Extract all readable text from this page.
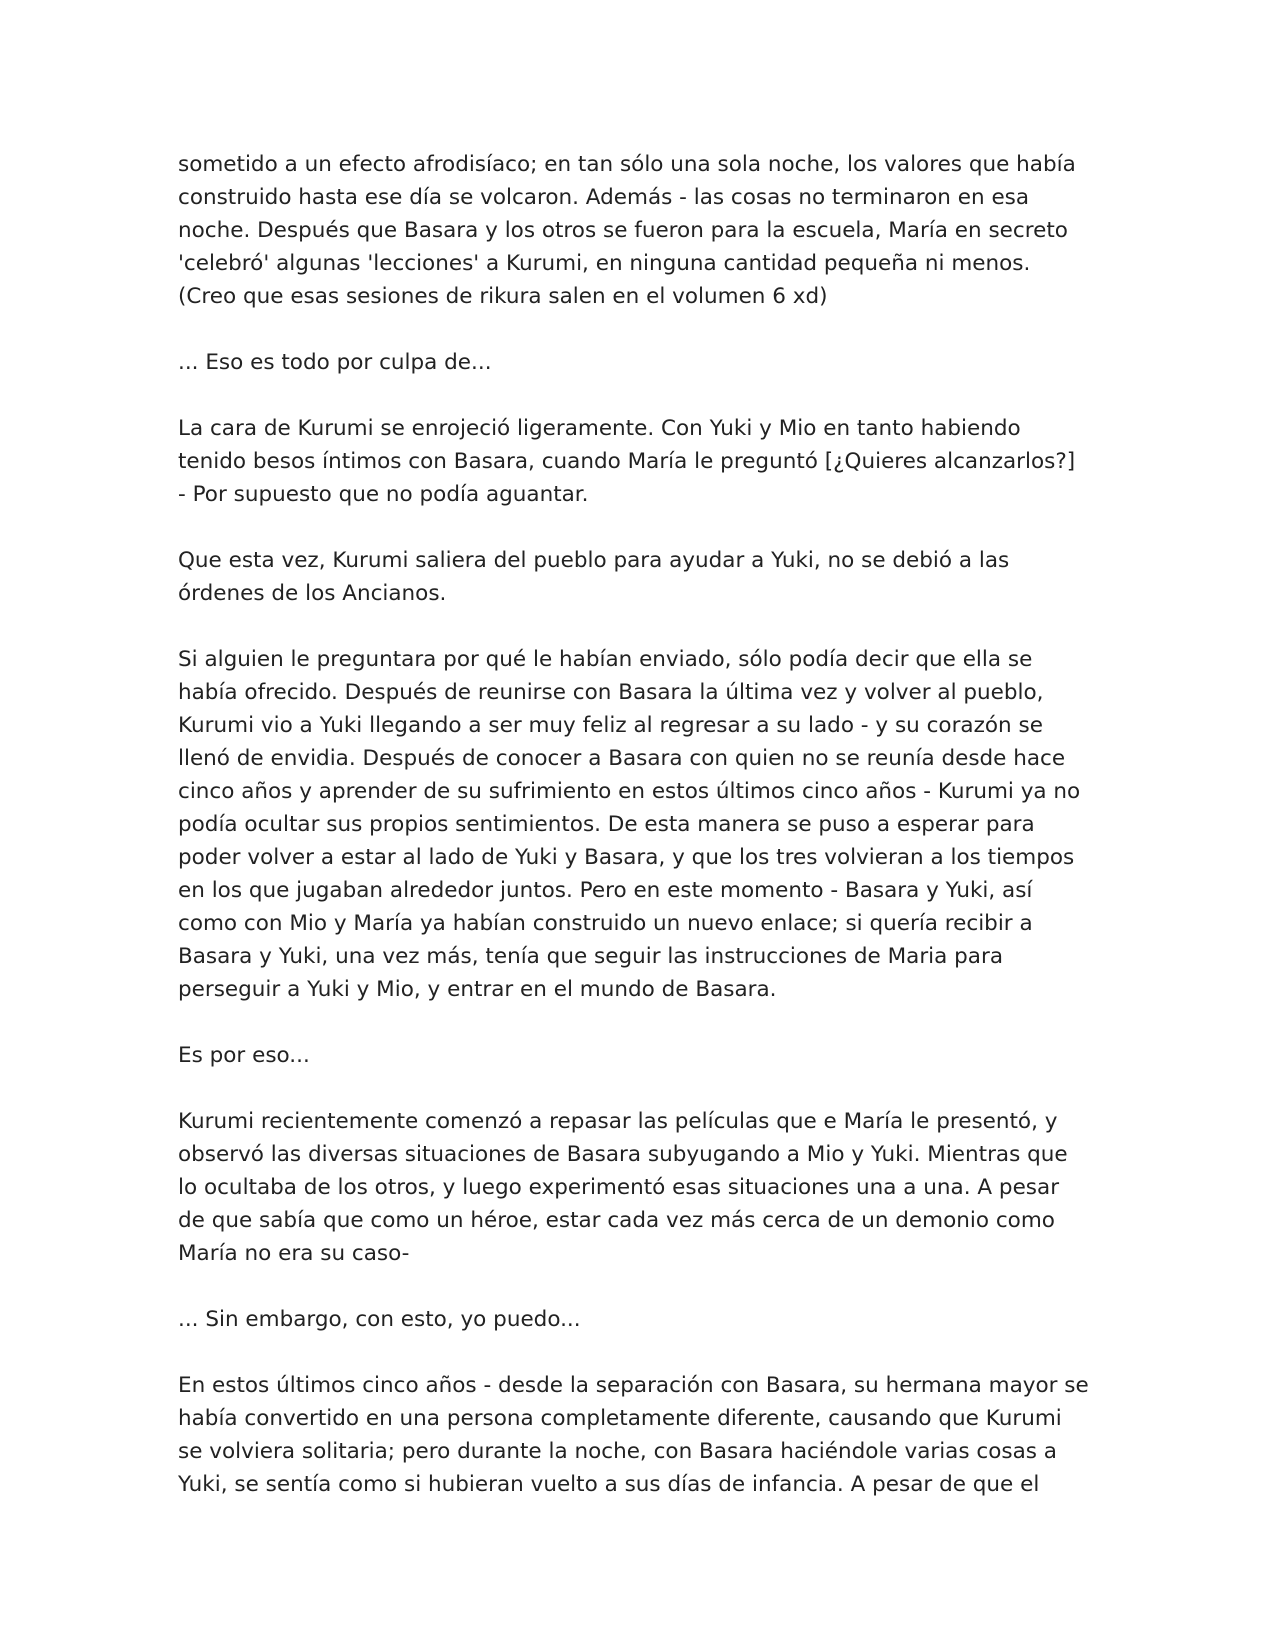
sometido a un efecto afrodisíaco; en tan sólo una sola noche, los valores que había
construido hasta ese día se volcaron. Además - las cosas no terminaron en esa
noche. Después que Basara y los otros se fueron para la escuela, María en secreto
'celebró' algunas 'lecciones' a Kurumi, en ninguna cantidad pequeña ni menos.
(Creo que esas sesiones de rikura salen en el volumen 6 xd)
... Eso es todo por culpa de...
La cara de Kurumi se enrojeció ligeramente. Con Yuki y Mio en tanto habiendo
tenido besos íntimos con Basara, cuando María le preguntó [¿Quieres alcanzarlos?]
- Por supuesto que no podía aguantar.
Que esta vez, Kurumi saliera del pueblo para ayudar a Yuki, no se debió a las
órdenes de los Ancianos.
Si alguien le preguntara por qué le habían enviado, sólo podía decir que ella se
había ofrecido. Después de reunirse con Basara la última vez y volver al pueblo,
Kurumi vio a Yuki llegando a ser muy feliz al regresar a su lado - y su corazón se
llenó de envidia. Después de conocer a Basara con quien no se reunía desde hace
cinco años y aprender de su sufrimiento en estos últimos cinco años - Kurumi ya no
podía ocultar sus propios sentimientos. De esta manera se puso a esperar para
poder volver a estar al lado de Yuki y Basara, y que los tres volvieran a los tiempos
en los que jugaban alrededor juntos. Pero en este momento - Basara y Yuki, así
como con Mio y María ya habían construido un nuevo enlace; si quería recibir a
Basara y Yuki, una vez más, tenía que seguir las instrucciones de Maria para
perseguir a Yuki y Mio, y entrar en el mundo de Basara.
Es por eso...
Kurumi recientemente comenzó a repasar las películas que e María le presentó, y
observó las diversas situaciones de Basara subyugando a Mio y Yuki. Mientras que
lo ocultaba de los otros, y luego experimentó esas situaciones una a una. A pesar
de que sabía que como un héroe, estar cada vez más cerca de un demonio como
María no era su caso-
... Sin embargo, con esto, yo puedo...
En estos últimos cinco años - desde la separación con Basara, su hermana mayor se
había convertido en una persona completamente diferente, causando que Kurumi
se volviera solitaria; pero durante la noche, con Basara haciéndole varias cosas a
Yuki, se sentía como si hubieran vuelto a sus días de infancia. A pesar de que el
